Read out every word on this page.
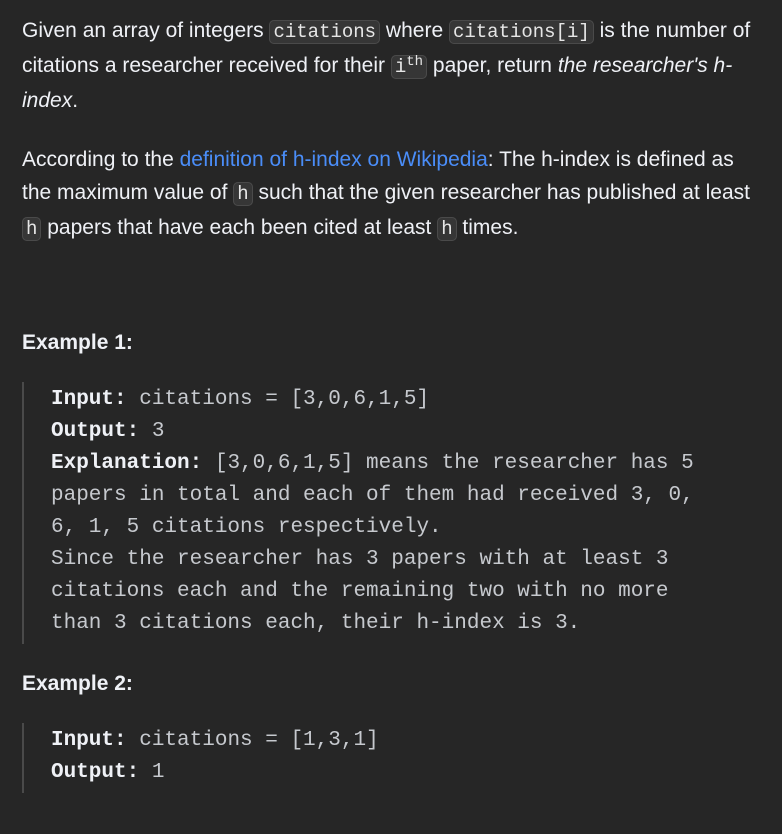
Given an array of integers citations where citations[i] is the number of citations a researcher received for their $i^{th}$ paper, return the researcher's h-index.

According to the definition of h-index on Wikipedia: The h-index is defined as the maximum value of h such that the given researcher has published at least h papers that have each been cited at least h times.

Example 1:

Input: citations = [3,0,6,1,5]
Output: 3
Explanation: [3,0,6,1,5] means the researcher has 5
papers in total and each of them had received 3, 0,
6, 1, 5 citations respectively.
Since the researcher has 3 papers with at least 3
citations each and the remaining two with no more
than 3 citations each, their h-index is 3.

Example 2:

Input: citations = [1,3,1]
Output: 1
